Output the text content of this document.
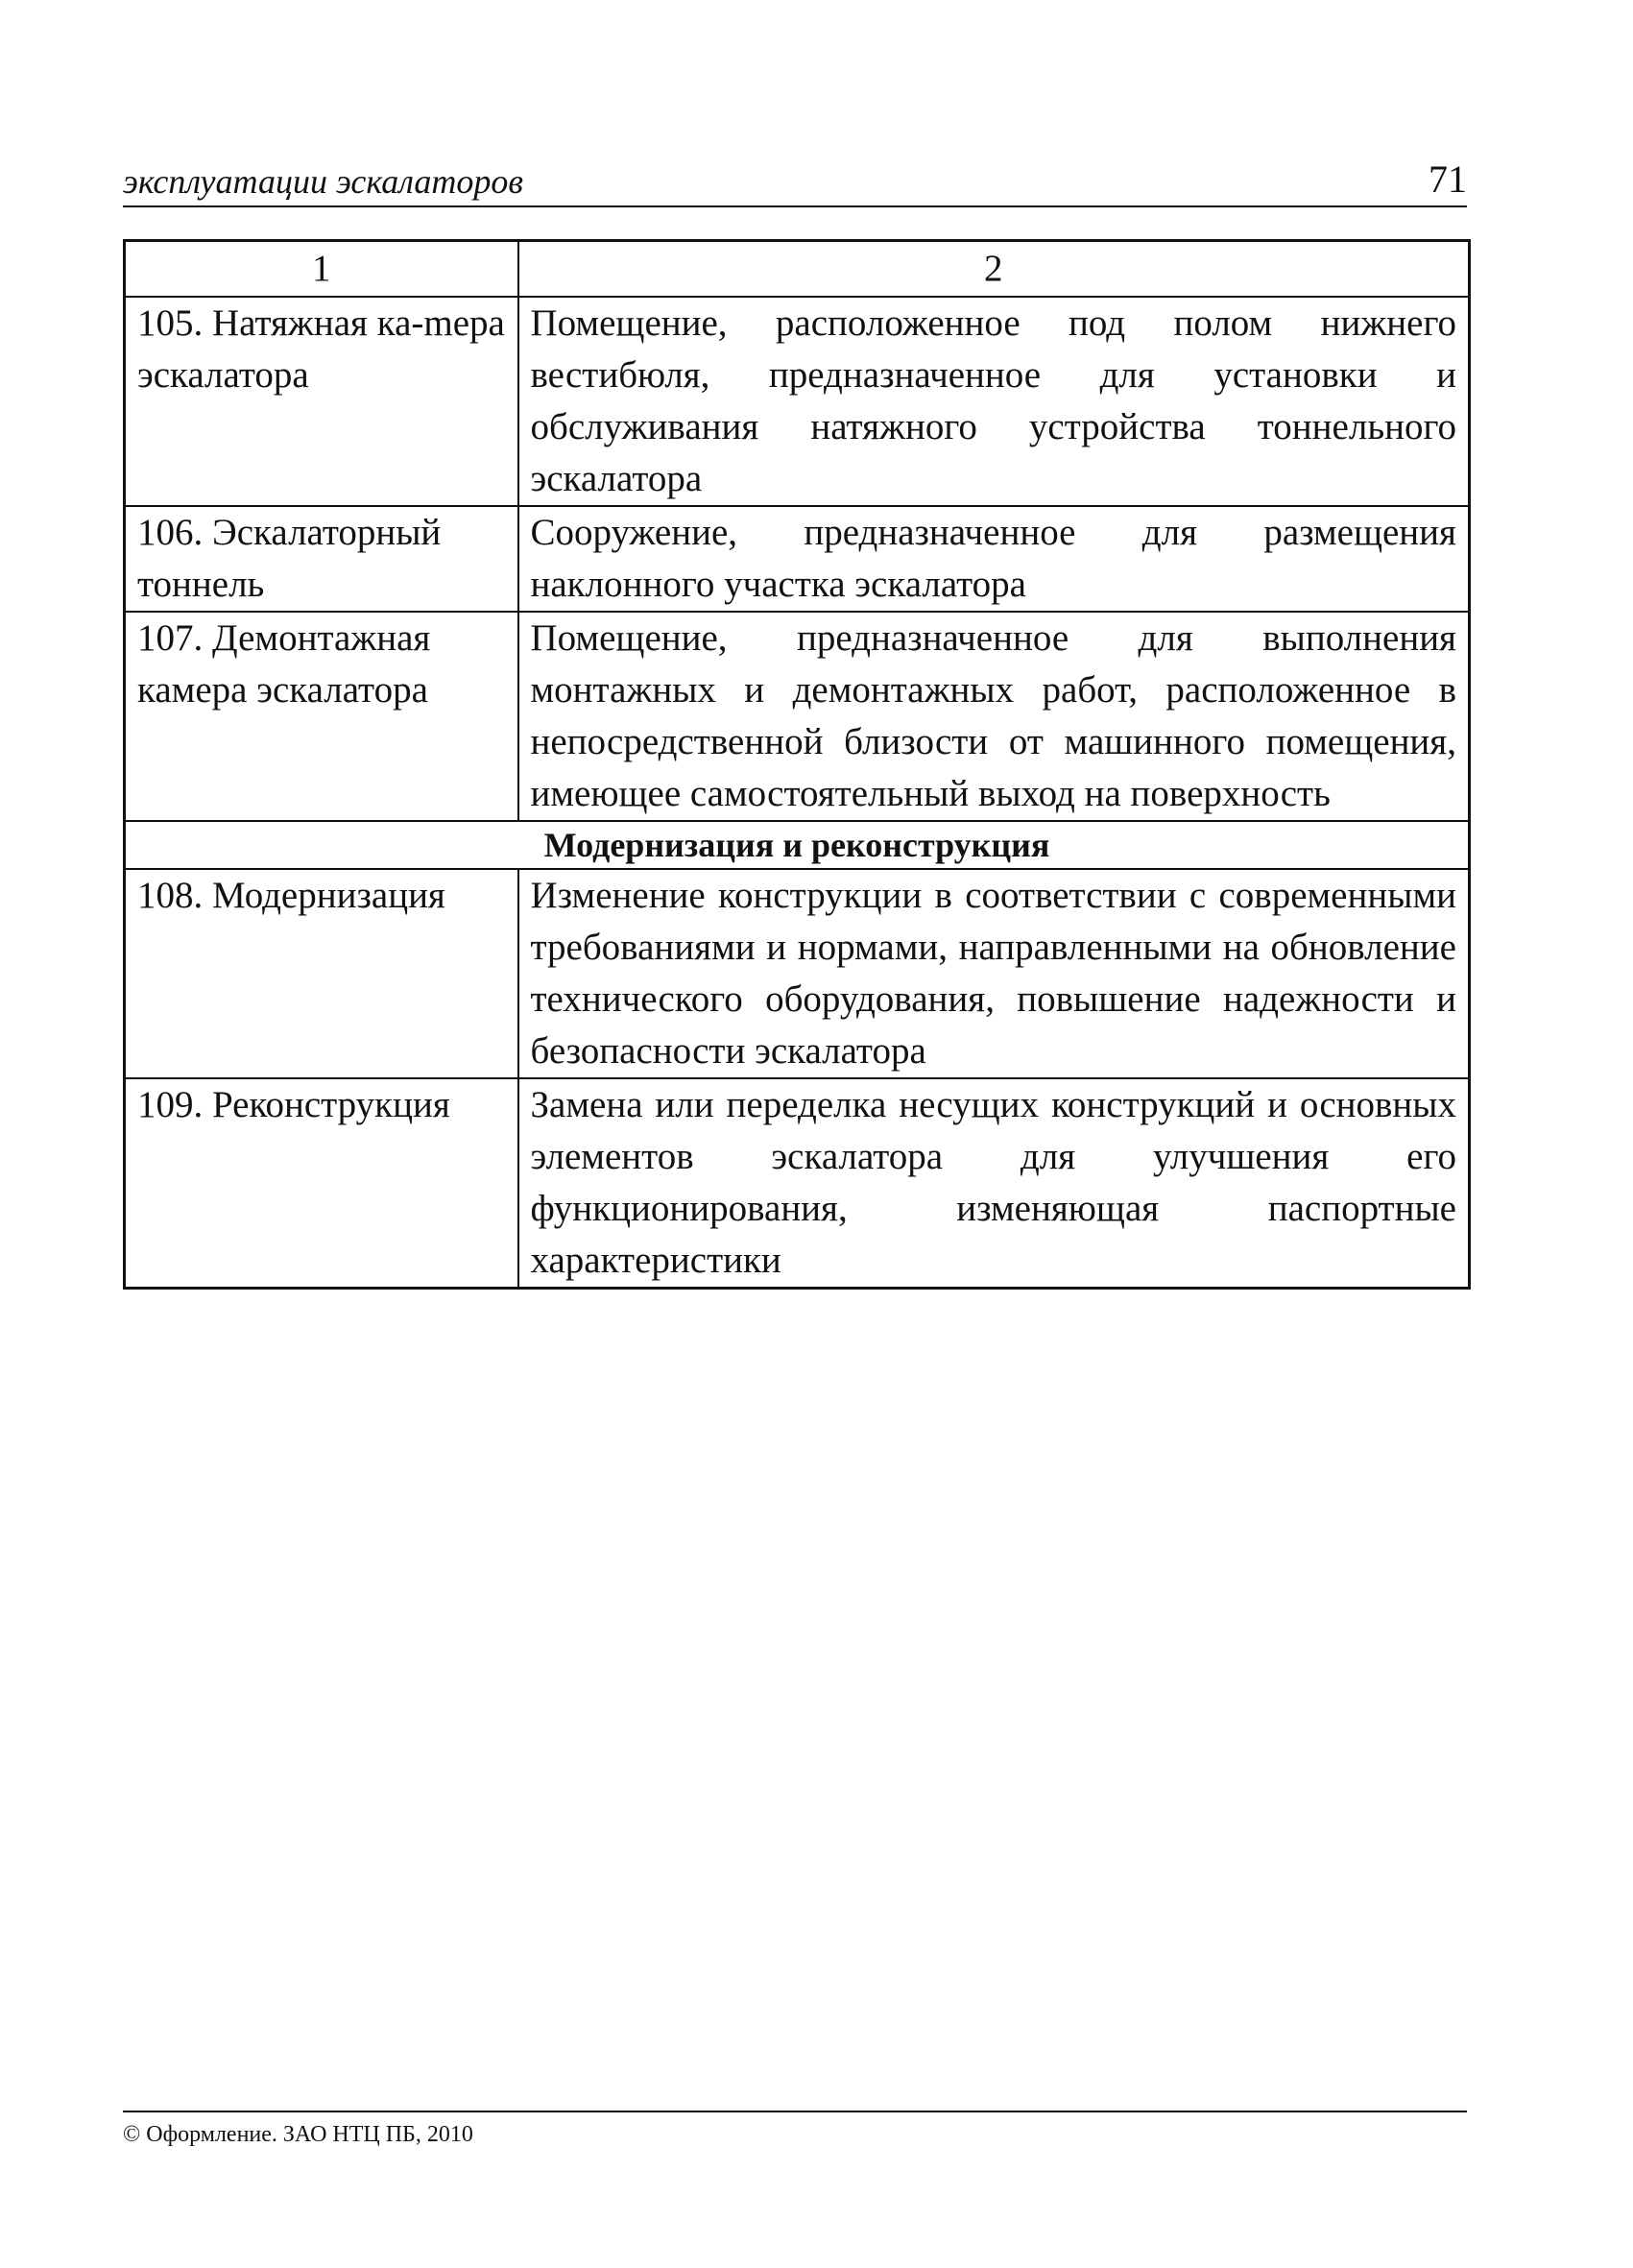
эксплуатации эскалаторов	71
1	2
105. Натяжная ка-mера эскалатора	Помещение, расположенное под полом нижнего вестибюля, предназначенное для установки и обслуживания натяжного устройства тоннельного эскалатора
106. Эскалаторный тоннель	Сооружение, предназначенное для размещения наклонного участка эскалатора
107. Демонтажная камера эскалатора	Помещение, предназначенное для выполнения монтажных и демонтажных работ, расположенное в непосредственной близости от машинного помещения, имеющее самостоятельный выход на поверхность
Модернизация и реконструкция	
108. Модернизация	Изменение конструкции в соответствии с современными требованиями и нормами, направленными на обновление технического оборудования, повышение надежности и безопасности эскалатора
109. Реконструкция	Замена или переделка несущих конструкций и основных элементов эскалатора для улучшения его функционирования, изменяющая паспортные характеристики
© Оформление. ЗАО НТЦ ПБ, 2010
